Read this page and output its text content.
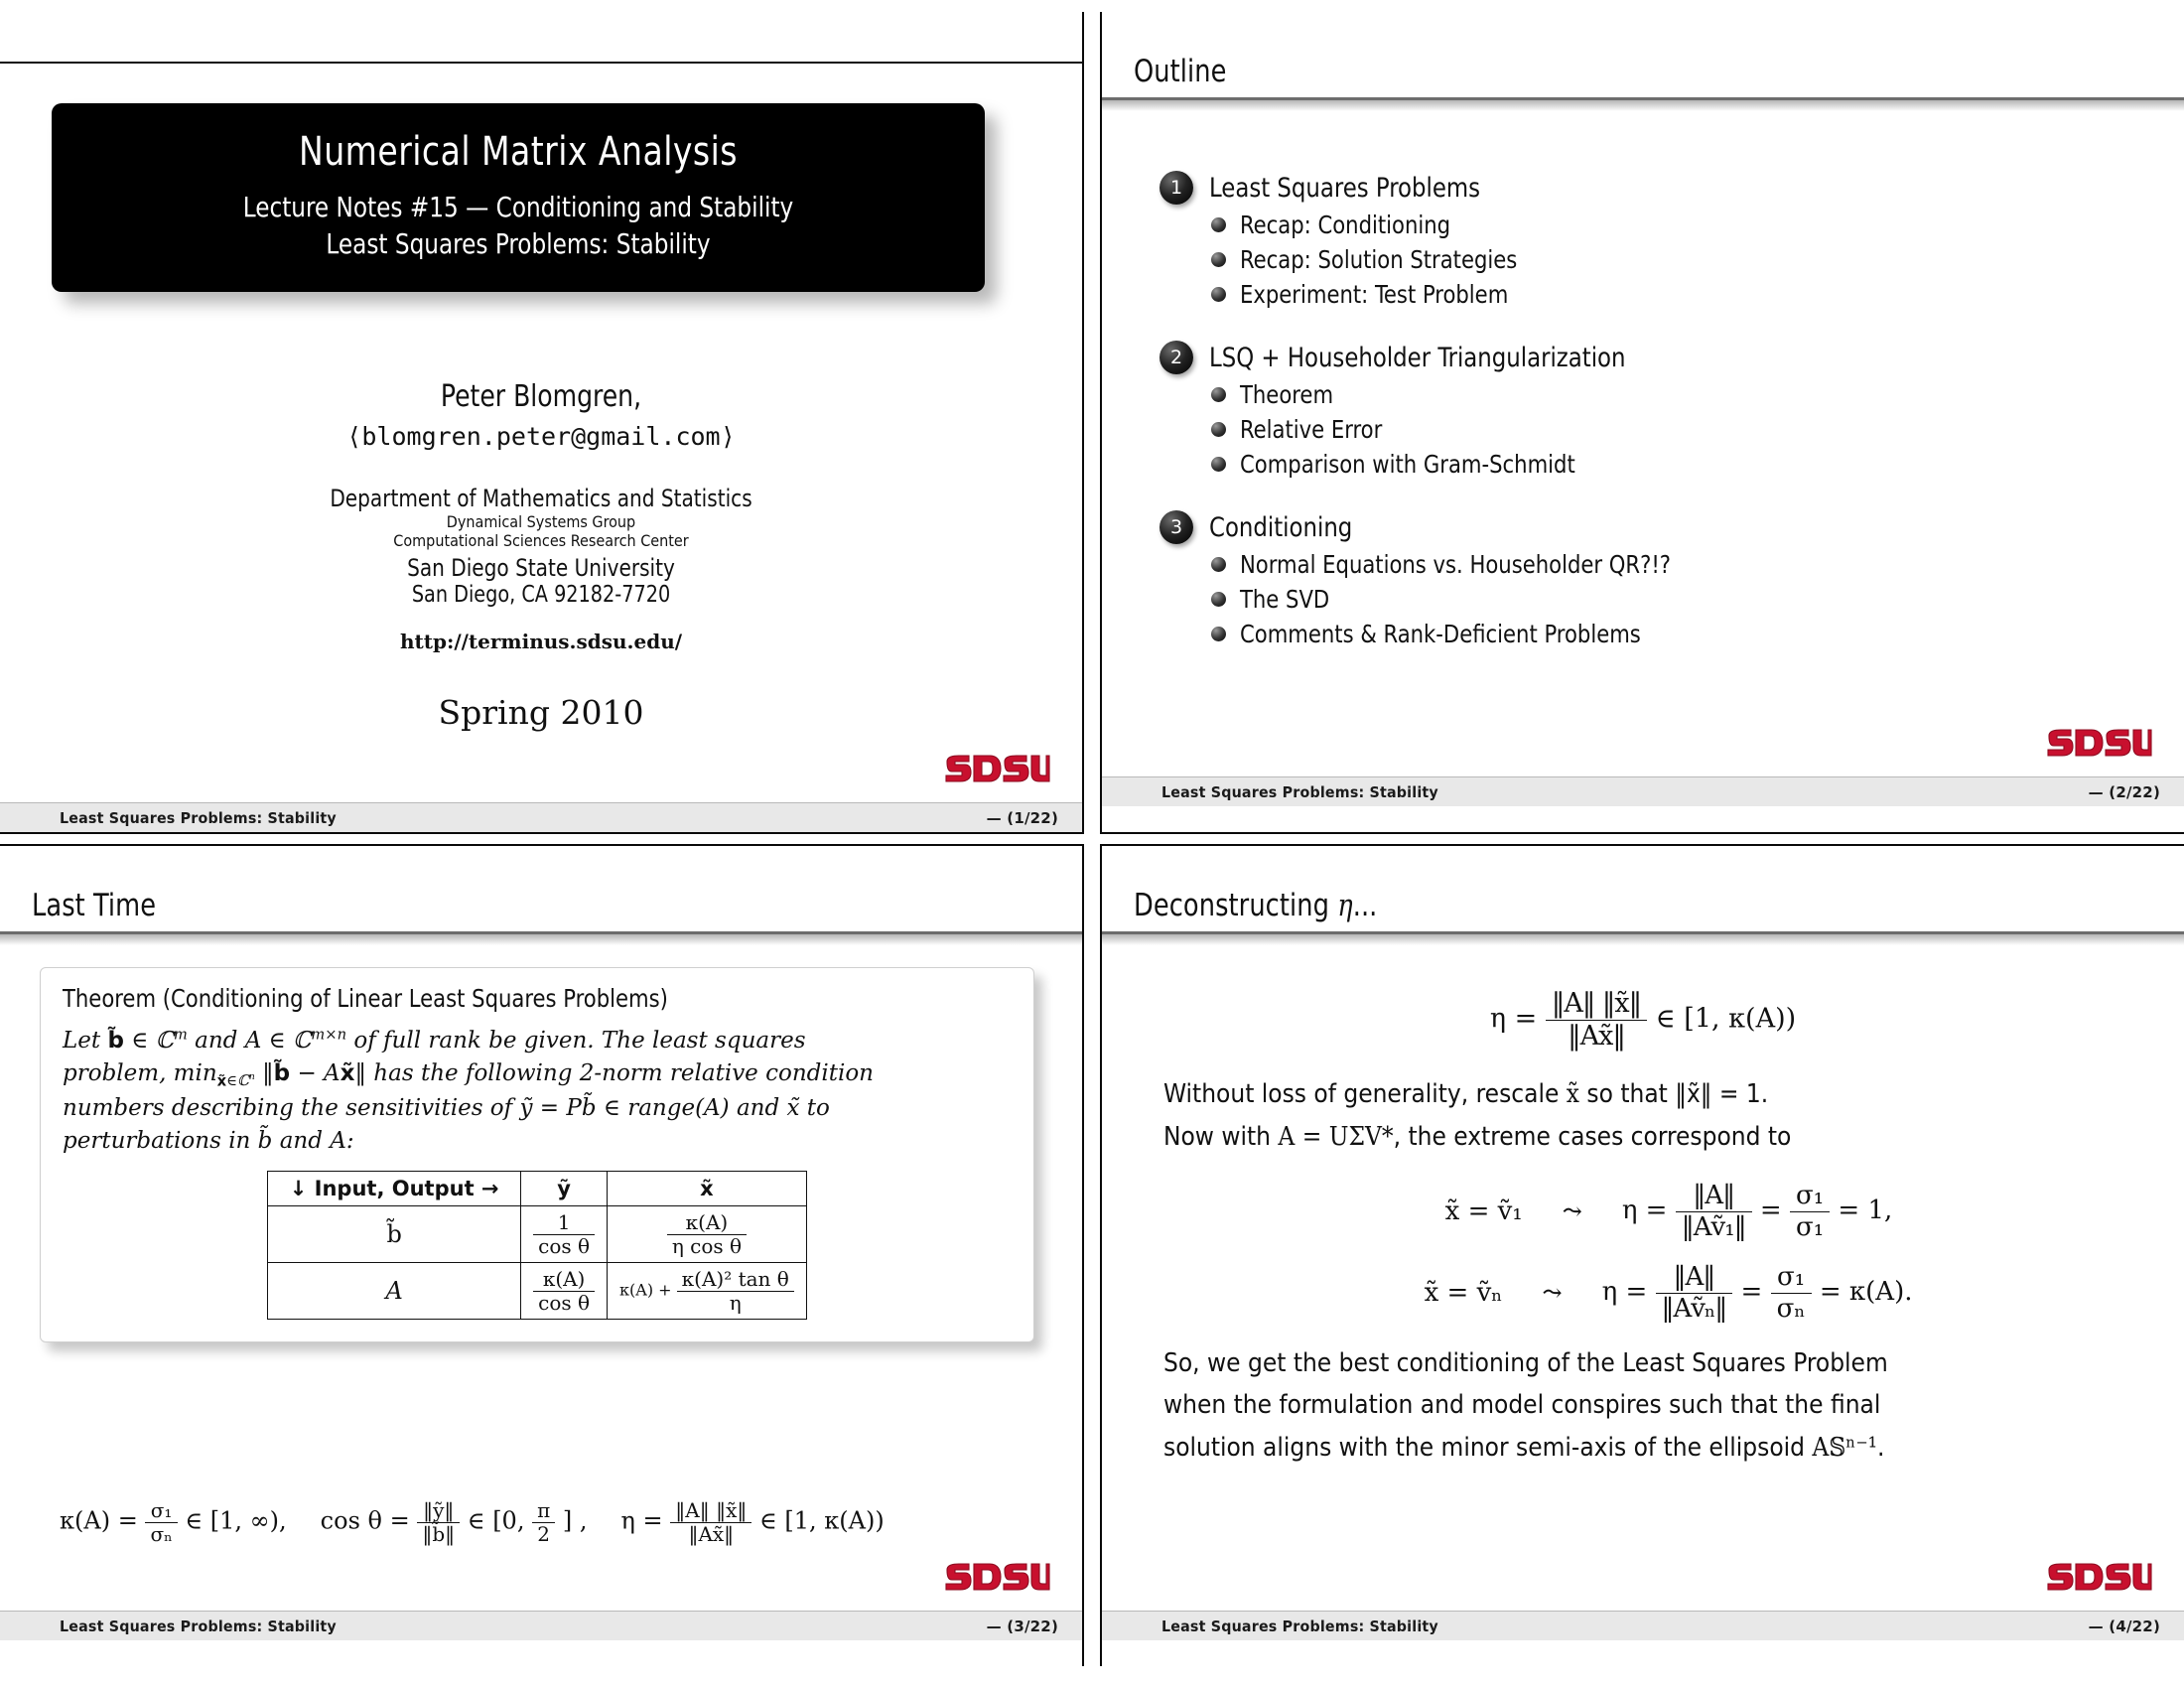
Numerical Matrix Analysis
Lecture Notes #15 — Conditioning and Stability
Least Squares Problems: Stability
Peter Blomgren,
⟨blomgren.peter@gmail.com⟩
Department of Mathematics and Statistics
Dynamical Systems Group
Computational Sciences Research Center
San Diego State University
San Diego, CA 92182-7720
http://terminus.sdsu.edu/
Spring 2010
Least Squares Problems: Stability	— (1/22)
Outline
1 Least Squares Problems
Recap: Conditioning
Recap: Solution Strategies
Experiment: Test Problem
2 LSQ + Householder Triangularization
Theorem
Relative Error
Comparison with Gram-Schmidt
3 Conditioning
Normal Equations vs. Householder QR?!?
The SVD
Comments & Rank-Deficient Problems
Least Squares Problems: Stability	— (2/22)
Last Time
Theorem (Conditioning of Linear Least Squares Problems)
Let b̃ ∈ ℂ$^m$ and A ∈ ℂ$^{m\times n}$ of full rank be given. The least squares
problem, $\min_{x̃\in ℂ^n}$ ‖b̃ − Ax̃‖ has the following 2-norm relative condition
numbers describing the sensitivities of ỹ = Pb̃ ∈ range(A) and x̃ to
perturbations in b̃ and A:
↓ Input, Output →	ỹ	x̃
b̃	$\frac{1}{\text{cos θ}}$	$\frac{\kappa(A)}{\text{η cos θ}}$

A	$\frac{\kappa(A)}{\text{cos θ}}$	$\kappa(A) + \frac{\text{κ(A)² tan θ}}{\eta}$
$\kappa(A) = \frac{\text{σ₁}}{\text{σₙ}}$ ∈ [1, ∞), $\cos \theta = \frac{\text{‖ỹ‖}}{‖b̃‖}$ ∈ [0, $\frac{\pi}{2}$ ] , $\eta = \frac{‖A‖ ‖x̃‖}{‖Ax̃‖}$ ∈ [1, κ(A))
Least Squares Problems: Stability	— (3/22)
Deconstructing η...
$\eta = \frac{‖A‖ ‖x̃‖}{‖Ax̃‖}$ ∈ [1, κ(A))

Without loss of generality, rescale x̃ so that ‖x̃‖ = 1.

Now with A = UΣV*, the extreme cases correspond to

x̃ = ṽ₁ ⤳ $\eta = \frac{‖A‖}{\text{‖Aṽ₁‖}} = \frac{\text{σ₁}}{\text{σ₁}} = 1$,
x̃ = ṽₙ ⤳ $\eta = \frac{‖A‖}{\text{‖Aṽₙ‖}} = \frac{\text{σ₁}}{\text{σₙ}} = \kappa(A)$.

So, we get the best conditioning of the Least Squares Problem

when the formulation and model conspires such that the final

solution aligns with the minor semi-axis of the ellipsoid A𝕊ⁿ⁻¹.

Least Squares Problems: Stability	— (4/22)
